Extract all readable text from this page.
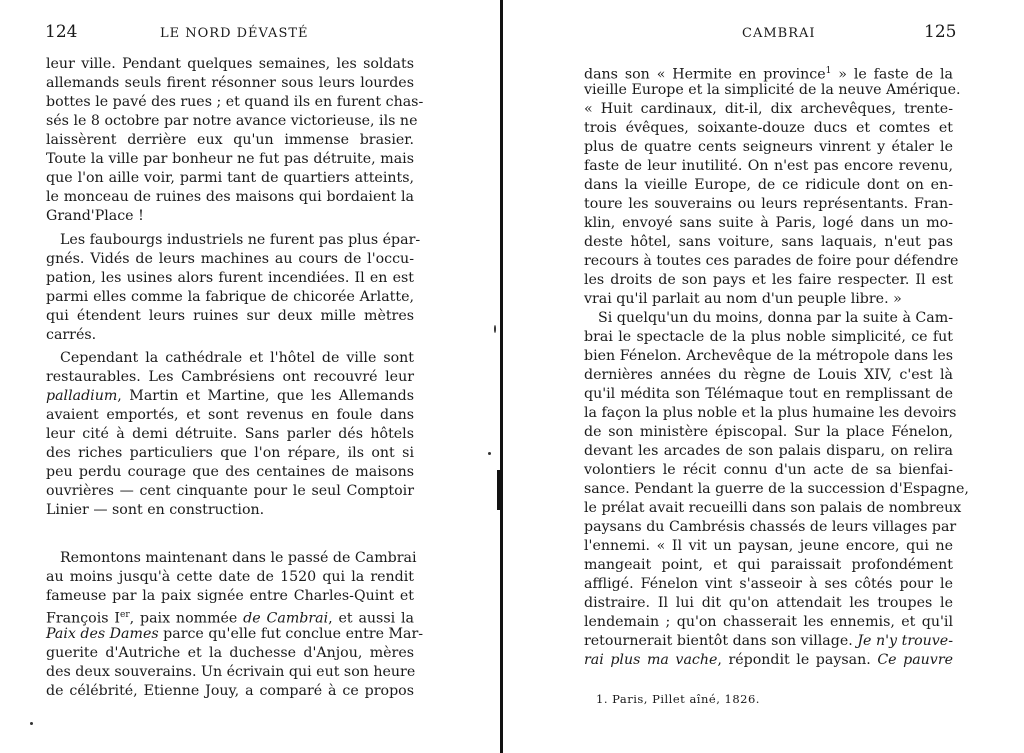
124	LE NORD DÉVASTÉ
leur ville. Pendant quelques semaines, les soldats
allemands seuls firent résonner sous leurs lourdes
bottes le pavé des rues ; et quand ils en furent chas-
sés le 8 octobre par notre avance victorieuse, ils ne
laissèrent derrière eux qu'un immense brasier.
Toute la ville par bonheur ne fut pas détruite, mais
que l'on aille voir, parmi tant de quartiers atteints,
le monceau de ruines des maisons qui bordaient la
Grand'Place !
Les faubourgs industriels ne furent pas plus épar-
gnés. Vidés de leurs machines au cours de l'occu-
pation, les usines alors furent incendiées. Il en est
parmi elles comme la fabrique de chicorée Arlatte,
qui étendent leurs ruines sur deux mille mètres
carrés.
Cependant la cathédrale et l'hôtel de ville sont
restaurables. Les Cambrésiens ont recouvré leur
palladium, Martin et Martine, que les Allemands
avaient emportés, et sont revenus en foule dans
leur cité à demi détruite. Sans parler dés hôtels
des riches particuliers que l'on répare, ils ont si
peu perdu courage que des centaines de maisons
ouvrières — cent cinquante pour le seul Comptoir
Linier — sont en construction.
Remontons maintenant dans le passé de Cambrai
au moins jusqu'à cette date de 1520 qui la rendit
fameuse par la paix signée entre Charles-Quint et
François Ier, paix nommée de Cambrai, et aussi la
Paix des Dames parce qu'elle fut conclue entre Mar-
guerite d'Autriche et la duchesse d'Anjou, mères
des deux souverains. Un écrivain qui eut son heure
de célébrité, Etienne Jouy, a comparé à ce propos
CAMBRAI	125
dans son « Hermite en province$^1$ » le faste de la
vieille Europe et la simplicité de la neuve Amérique.
« Huit cardinaux, dit-il, dix archevêques, trente-
trois évêques, soixante-douze ducs et comtes et
plus de quatre cents seigneurs vinrent y étaler le
faste de leur inutilité. On n'est pas encore revenu,
dans la vieille Europe, de ce ridicule dont on en-
toure les souverains ou leurs représentants. Fran-
klin, envoyé sans suite à Paris, logé dans un mo-
deste hôtel, sans voiture, sans laquais, n'eut pas
recours à toutes ces parades de foire pour défendre
les droits de son pays et les faire respecter. Il est
vrai qu'il parlait au nom d'un peuple libre. »
Si quelqu'un du moins, donna par la suite à Cam-
brai le spectacle de la plus noble simplicité, ce fut
bien Fénelon. Archevêque de la métropole dans les
dernières années du règne de Louis XIV, c'est là
qu'il médita son Télémaque tout en remplissant de
la façon la plus noble et la plus humaine les devoirs
de son ministère épiscopal. Sur la place Fénelon,
devant les arcades de son palais disparu, on relira
volontiers le récit connu d'un acte de sa bienfai-
sance. Pendant la guerre de la succession d'Espagne,
le prélat avait recueilli dans son palais de nombreux
paysans du Cambrésis chassés de leurs villages par
l'ennemi. « Il vit un paysan, jeune encore, qui ne
mangeait point, et qui paraissait profondément
affligé. Fénelon vint s'asseoir à ses côtés pour le
distraire. Il lui dit qu'on attendait les troupes le
lendemain ; qu'on chasserait les ennemis, et qu'il
retournerait bientôt dans son village. Je n'y trouve-
rai plus ma vache, répondit le paysan. Ce pauvre
1. Paris, Pillet aîné, 1826.
